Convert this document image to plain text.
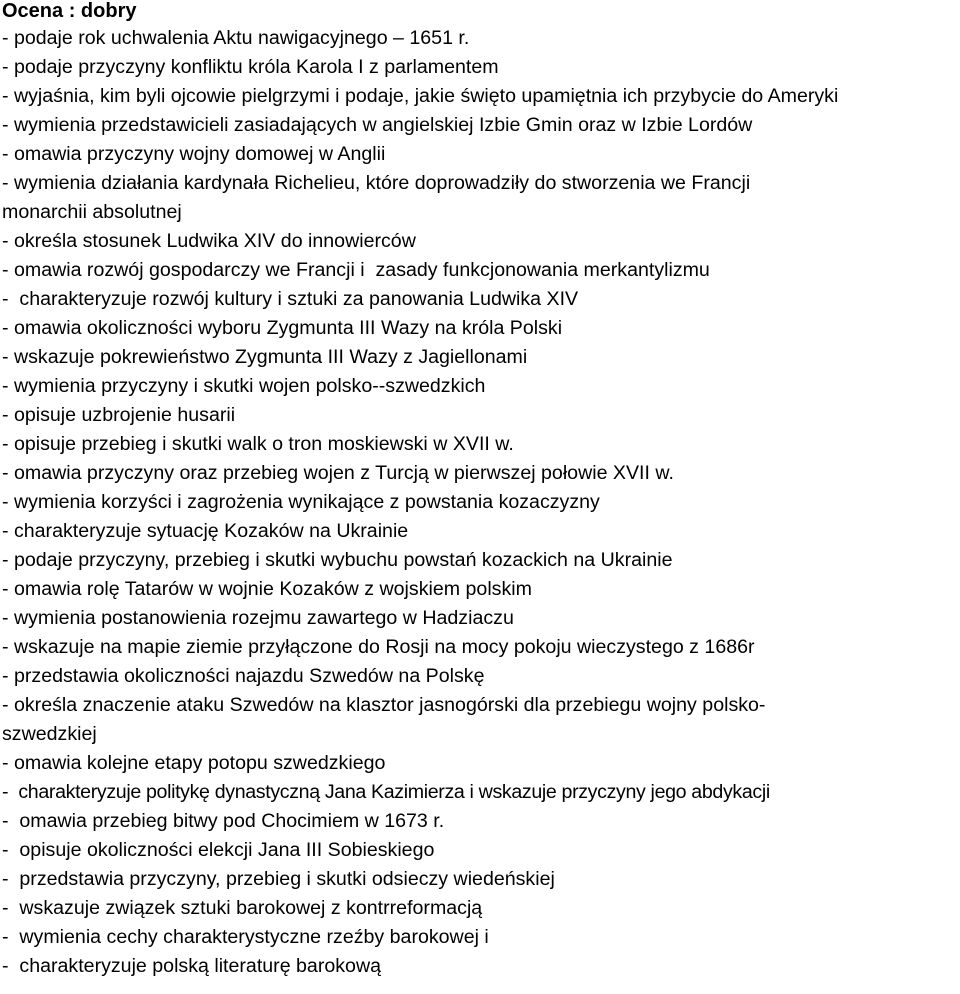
Ocena : dobry
- podaje rok uchwalenia Aktu nawigacyjnego – 1651 r.
- podaje przyczyny konfliktu króla Karola I z parlamentem
- wyjaśnia, kim byli ojcowie pielgrzymi i podaje, jakie święto upamiętnia ich przybycie do Ameryki
- wymienia przedstawicieli zasiadających w angielskiej Izbie Gmin oraz w Izbie Lordów
- omawia przyczyny wojny domowej w Anglii
- wymienia działania kardynała Richelieu, które doprowadziły do stworzenia we Francji
monarchii absolutnej
- określa stosunek Ludwika XIV do innowierców
- omawia rozwój gospodarczy we Francji i  zasady funkcjonowania merkantylizmu
-  charakteryzuje rozwój kultury i sztuki za panowania Ludwika XIV
- omawia okoliczności wyboru Zygmunta III Wazy na króla Polski
- wskazuje pokrewieństwo Zygmunta III Wazy z Jagiellonami
- wymienia przyczyny i skutki wojen polsko--szwedzkich
- opisuje uzbrojenie husarii
- opisuje przebieg i skutki walk o tron moskiewski w XVII w.
- omawia przyczyny oraz przebieg wojen z Turcją w pierwszej połowie XVII w.
- wymienia korzyści i zagrożenia wynikające z powstania kozaczyzny
- charakteryzuje sytuację Kozaków na Ukrainie
- podaje przyczyny, przebieg i skutki wybuchu powstań kozackich na Ukrainie
- omawia rolę Tatarów w wojnie Kozaków z wojskiem polskim
- wymienia postanowienia rozejmu zawartego w Hadziaczu
- wskazuje na mapie ziemie przyłączone do Rosji na mocy pokoju wieczystego z 1686r
- przedstawia okoliczności najazdu Szwedów na Polskę
- określa znaczenie ataku Szwedów na klasztor jasnogórski dla przebiegu wojny polsko-
szwedzkiej
- omawia kolejne etapy potopu szwedzkiego
-  charakteryzuje politykę dynastyczną Jana Kazimierza i wskazuje przyczyny jego abdykacji
-  omawia przebieg bitwy pod Chocimiem w 1673 r.
-  opisuje okoliczności elekcji Jana III Sobieskiego
-  przedstawia przyczyny, przebieg i skutki odsieczy wiedeńskiej
-  wskazuje związek sztuki barokowej z kontrreformacją
-  wymienia cechy charakterystyczne rzeźby barokowej i
-  charakteryzuje polską literaturę barokową
